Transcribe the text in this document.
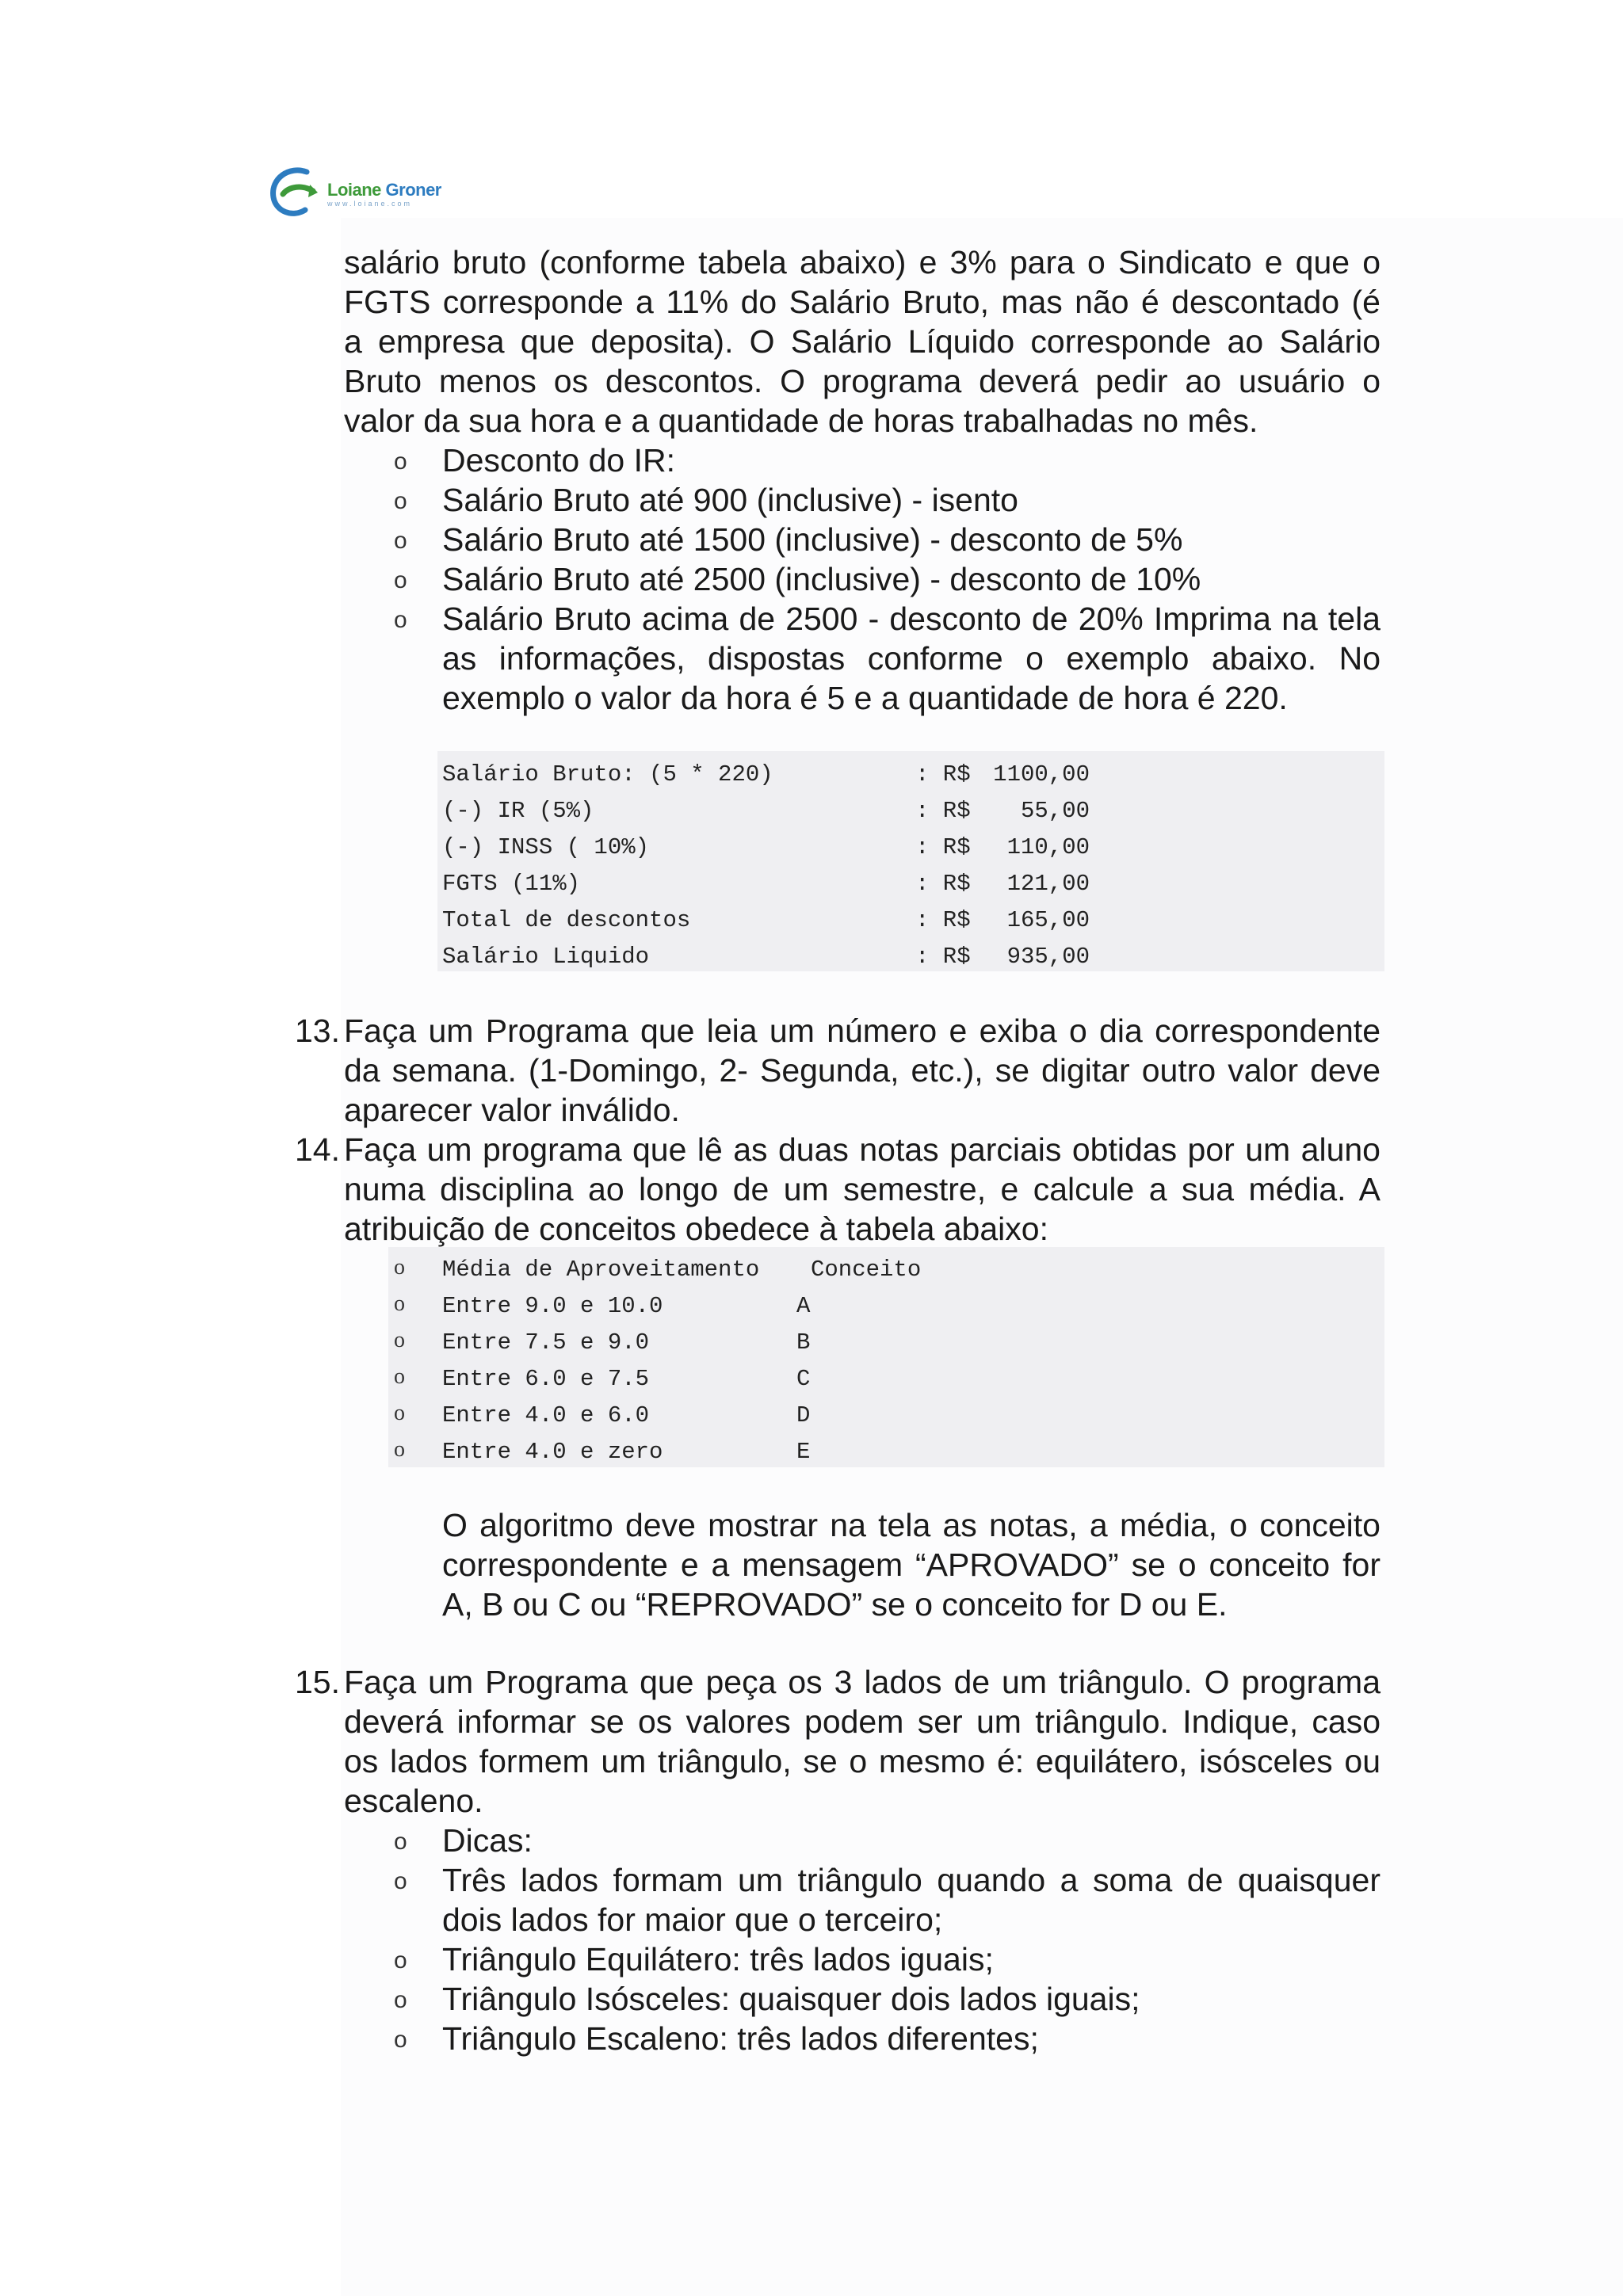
Loiane Groner
www.loiane.com
salário bruto (conforme tabela abaixo) e 3% para o Sindicato e que o
FGTS corresponde a 11% do Salário Bruto, mas não é descontado (é
a empresa que deposita). O Salário Líquido corresponde ao Salário
Bruto menos os descontos. O programa deverá pedir ao usuário o
valor da sua hora e a quantidade de horas trabalhadas no mês.
o Desconto do IR:
o Salário Bruto até 900 (inclusive) - isento
o Salário Bruto até 1500 (inclusive) - desconto de 5%
o Salário Bruto até 2500 (inclusive) - desconto de 10%
o Salário Bruto acima de 2500 - desconto de 20% Imprima na tela
as informações, dispostas conforme o exemplo abaixo. No
exemplo o valor da hora é 5 e a quantidade de hora é 220.
Salário Bruto: (5 * 220)	: R$ 1100,00
(-) IR (5%)	: R$	55,00
(-) INSS ( 10%)	: R$	110,00
FGTS (11%)	: R$	121,00
Total de descontos	: R$	165,00
Salário Liquido	: R$	935,00
13. Faça um Programa que leia um número e exiba o dia correspondente
da semana. (1-Domingo, 2- Segunda, etc.), se digitar outro valor deve
aparecer valor inválido.
14. Faça um programa que lê as duas notas parciais obtidas por um aluno
numa disciplina ao longo de um semestre, e calcule a sua média. A
atribuição de conceitos obedece à tabela abaixo:
o Média de Aproveitamento Conceito
o Entre 9.0 e 10.0	A
o Entre 7.5 e 9.0	B
o Entre 6.0 e 7.5	C
o Entre 4.0 e 6.0	D
o Entre 4.0 e zero	E
O algoritmo deve mostrar na tela as notas, a média, o conceito
correspondente e a mensagem “APROVADO” se o conceito for
A, B ou C ou “REPROVADO” se o conceito for D ou E.
15. Faça um Programa que peça os 3 lados de um triângulo. O programa
deverá informar se os valores podem ser um triângulo. Indique, caso
os lados formem um triângulo, se o mesmo é: equilátero, isósceles ou
escaleno.
o Dicas:
o Três lados formam um triângulo quando a soma de quaisquer
dois lados for maior que o terceiro;
o Triângulo Equilátero: três lados iguais;
o Triângulo Isósceles: quaisquer dois lados iguais;
o Triângulo Escaleno: três lados diferentes;
